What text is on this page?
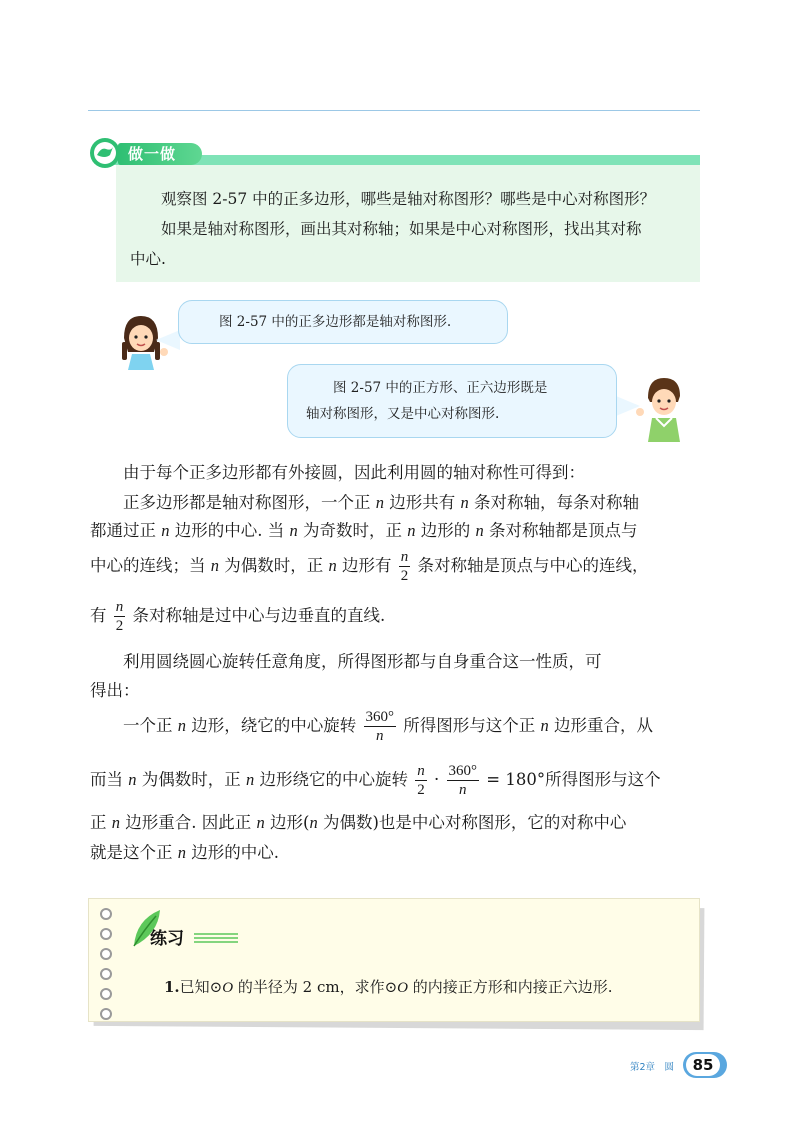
做一做

观察图 2-57 中的正多边形，哪些是轴对称图形？哪些是中心对称图形？

如果是轴对称图形，画出其对称轴；如果是中心对称图形，找出其对称

中心.
图 2-57 中的正多边形都是轴对称图形.
图 2-57 中的正方形、正六边形既是
轴对称图形，又是中心对称图形.
由于每个正多边形都有外接圆，因此利用圆的轴对称性可得到：
正多边形都是轴对称图形，一个正 n 边形共有 n 条对称轴，每条对称轴
都通过正 n 边形的中心. 当 n 为奇数时，正 n 边形的 n 条对称轴都是顶点与
中心的连线；当 n 为偶数时，正 n 边形有 $\frac{n}{2}$ 条对称轴是顶点与中心的连线，
有 $\frac{n}{2}$ 条对称轴是过中心与边垂直的直线.
利用圆绕圆心旋转任意角度，所得图形都与自身重合这一性质，可
得出：
一个正 n 边形，绕它的中心旋转 $\frac{360^\circ}{n}$ 所得图形与这个正 n 边形重合，从
而当 n 为偶数时，正 n 边形绕它的中心旋转 $\frac{n}{2} \cdot \frac{360^\circ}{n} = 180^\circ$所得图形与这个
正 n 边形重合. 因此正 n 边形(n 为偶数)也是中心对称图形，它的对称中心
就是这个正 n 边形的中心.
练习
1.已知⊙O 的半径为 2 cm，求作⊙O 的内接正方形和内接正六边形.
第2章　圆	85
